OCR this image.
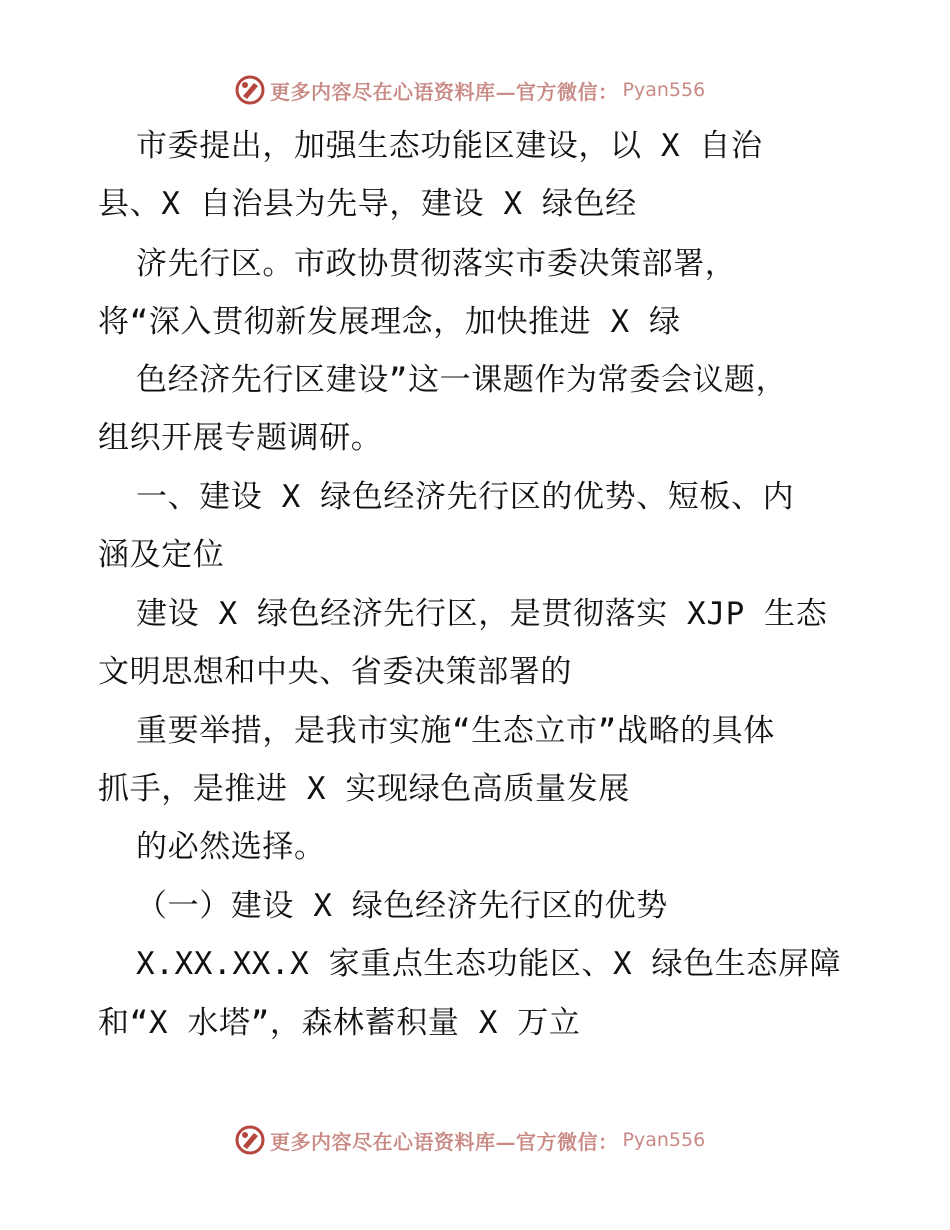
更多内容尽在心语资料库—官方微信： Pyan556
市委提出，加强生态功能区建设，以 X 自治
县、X 自治县为先导，建设 X 绿色经
济先行区。市政协贯彻落实市委决策部署，
将“深入贯彻新发展理念，加快推进 X 绿
色经济先行区建设”这一课题作为常委会议题，
组织开展专题调研。
一、建设 X 绿色经济先行区的优势、短板、内
涵及定位
建设 X 绿色经济先行区，是贯彻落实 XJP 生态
文明思想和中央、省委决策部署的
重要举措，是我市实施“生态立市”战略的具体
抓手，是推进 X 实现绿色高质量发展
的必然选择。
（一）建设 X 绿色经济先行区的优势
X.XX.XX.X 家重点生态功能区、X 绿色生态屏障
和“X 水塔”，森林蓄积量 X 万立
更多内容尽在心语资料库—官方微信： Pyan556
